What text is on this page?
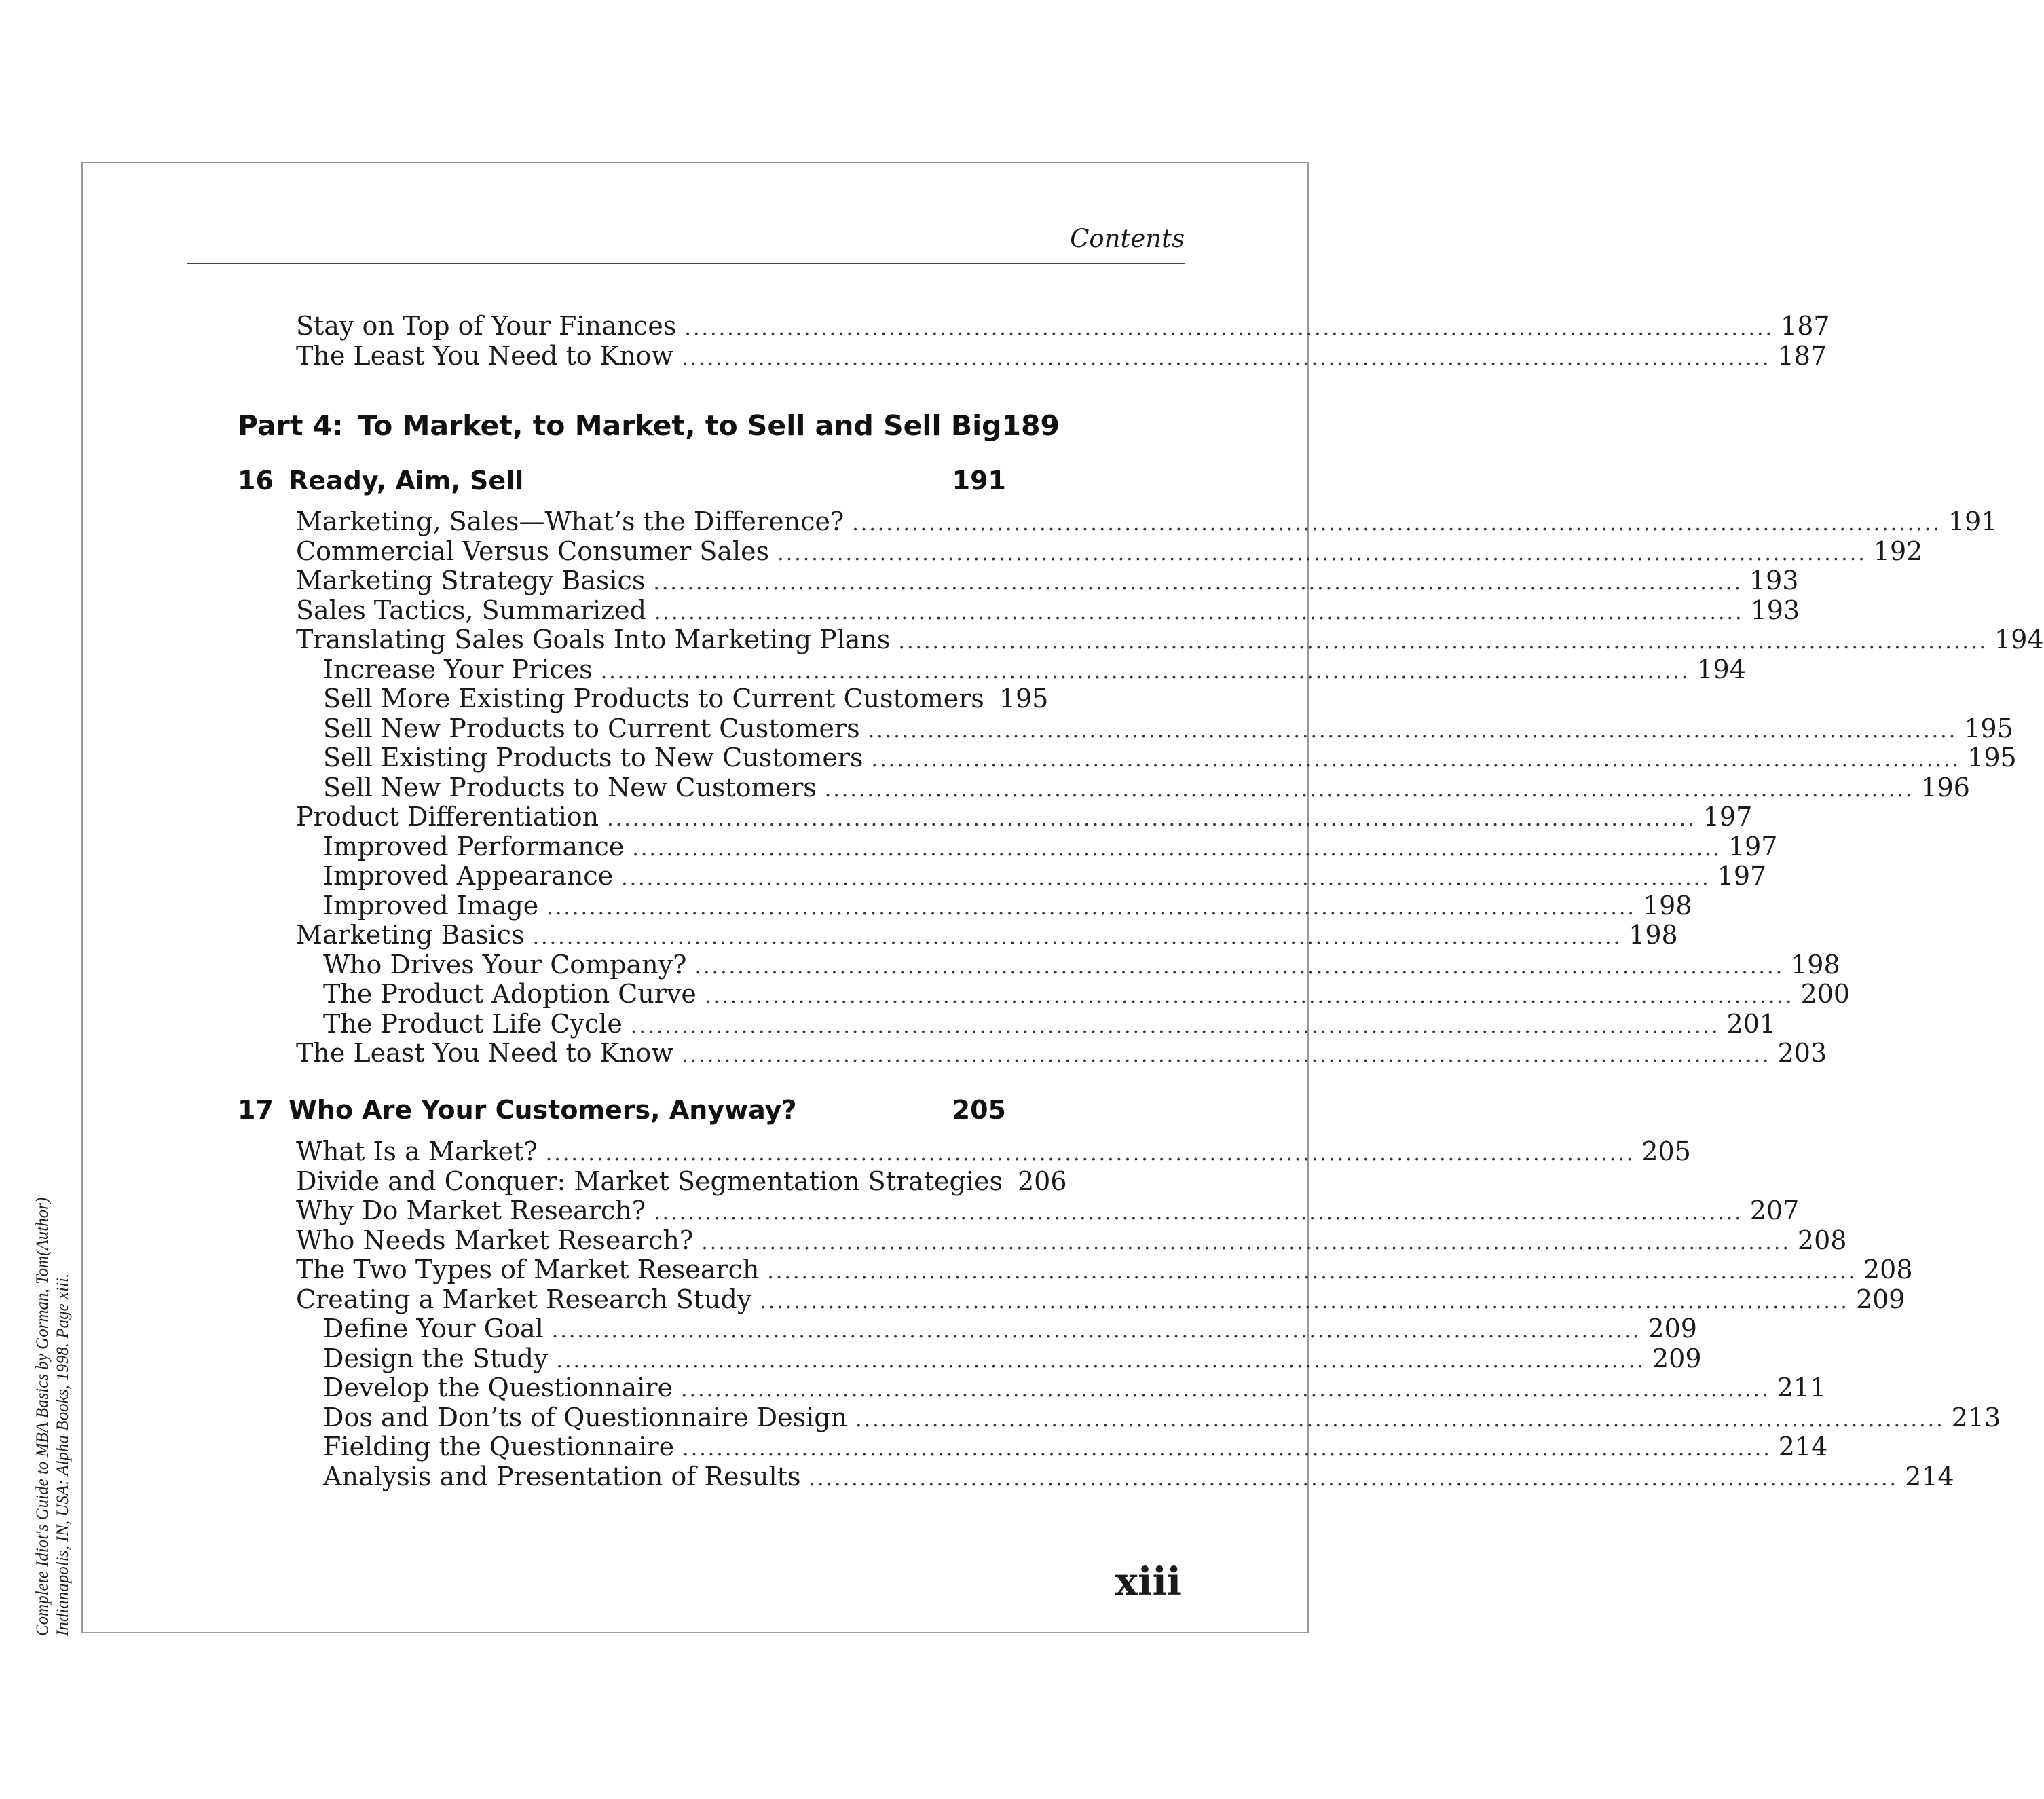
Contents
Stay on Top of Your Finances ................................................................................................................................ 187
The Least You Need to Know ................................................................................................................................ 187
Part 4: To Market, to Market, to Sell and Sell Big 189
16 Ready, Aim, Sell	191
Marketing, Sales—What’s the Difference? ................................................................................................................................ 191
Commercial Versus Consumer Sales ................................................................................................................................ 192
Marketing Strategy Basics ................................................................................................................................ 193
Sales Tactics, Summarized ................................................................................................................................ 193
Translating Sales Goals Into Marketing Plans ................................................................................................................................ 194
Increase Your Prices ................................................................................................................................ 194
Sell More Existing Products to Current Customers 195
Sell New Products to Current Customers ................................................................................................................................ 195
Sell Existing Products to New Customers ................................................................................................................................ 195
Sell New Products to New Customers ................................................................................................................................ 196
Product Differentiation ................................................................................................................................ 197
Improved Performance ................................................................................................................................ 197
Improved Appearance ................................................................................................................................ 197
Improved Image ................................................................................................................................ 198
Marketing Basics ................................................................................................................................ 198
Who Drives Your Company? ................................................................................................................................ 198
The Product Adoption Curve ................................................................................................................................ 200
The Product Life Cycle ................................................................................................................................ 201
The Least You Need to Know ................................................................................................................................ 203
17 Who Are Your Customers, Anyway?	205
What Is a Market? ................................................................................................................................ 205
Divide and Conquer: Market Segmentation Strategies 206
Why Do Market Research? ................................................................................................................................ 207
Who Needs Market Research? ................................................................................................................................ 208
The Two Types of Market Research ................................................................................................................................ 208
Creating a Market Research Study ................................................................................................................................ 209
Define Your Goal ................................................................................................................................ 209
Design the Study ................................................................................................................................ 209
Develop the Questionnaire ................................................................................................................................ 211
Dos and Don’ts of Questionnaire Design ................................................................................................................................ 213
Fielding the Questionnaire ................................................................................................................................ 214
Analysis and Presentation of Results ................................................................................................................................ 214
xiii
Complete Idiot's Guide to MBA Basics by Gorman, Tom(Author) Indianapolis, IN, USA: Alpha Books, 1998. Page xiii.
